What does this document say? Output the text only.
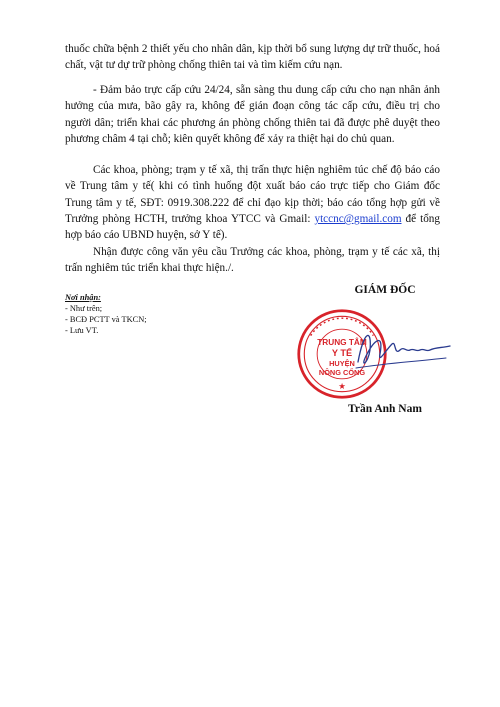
thuốc chữa bệnh 2 thiết yếu cho nhân dân, kịp thời bổ sung lượng dự trữ thuốc, hoá chất, vật tư dự trữ phòng chống thiên tai và tìm kiếm cứu nạn.

- Đảm bảo trực cấp cứu 24/24, sẵn sàng thu dung cấp cứu cho nạn nhân ảnh hưởng của mưa, bão gây ra, không để gián đoạn công tác cấp cứu, điều trị cho người dân; triển khai các phương án phòng chống thiên tai đã được phê duyệt theo phương châm 4 tại chỗ; kiên quyết không để xảy ra thiệt hại do chủ quan.

Các khoa, phòng; trạm y tế xã, thị trấn thực hiện nghiêm túc chế độ báo cáo về Trung tâm y tế( khi có tình huống đột xuất báo cáo trực tiếp cho Giám đốc Trung tâm y tế, SĐT: 0919.308.222 để chỉ đạo kịp thời; báo cáo tổng hợp gửi về Trưởng phòng HCTH, trưởng khoa YTCC và Gmail: ytccnc@gmail.com để tổng hợp báo cáo UBND huyện, sở Y tế).

Nhận được công văn yêu cầu Trưởng các khoa, phòng, trạm y tế các xã, thị trấn nghiêm túc triển khai thực hiện./.

Nơi nhận:
- Như trên;
- BCĐ PCTT và TKCN;
- Lưu VT.
GIÁM ĐỐC
TRUNG TÂM
Y TẾ
HUYỆN
NÔNG CỐNG
★
Trần Anh Nam
